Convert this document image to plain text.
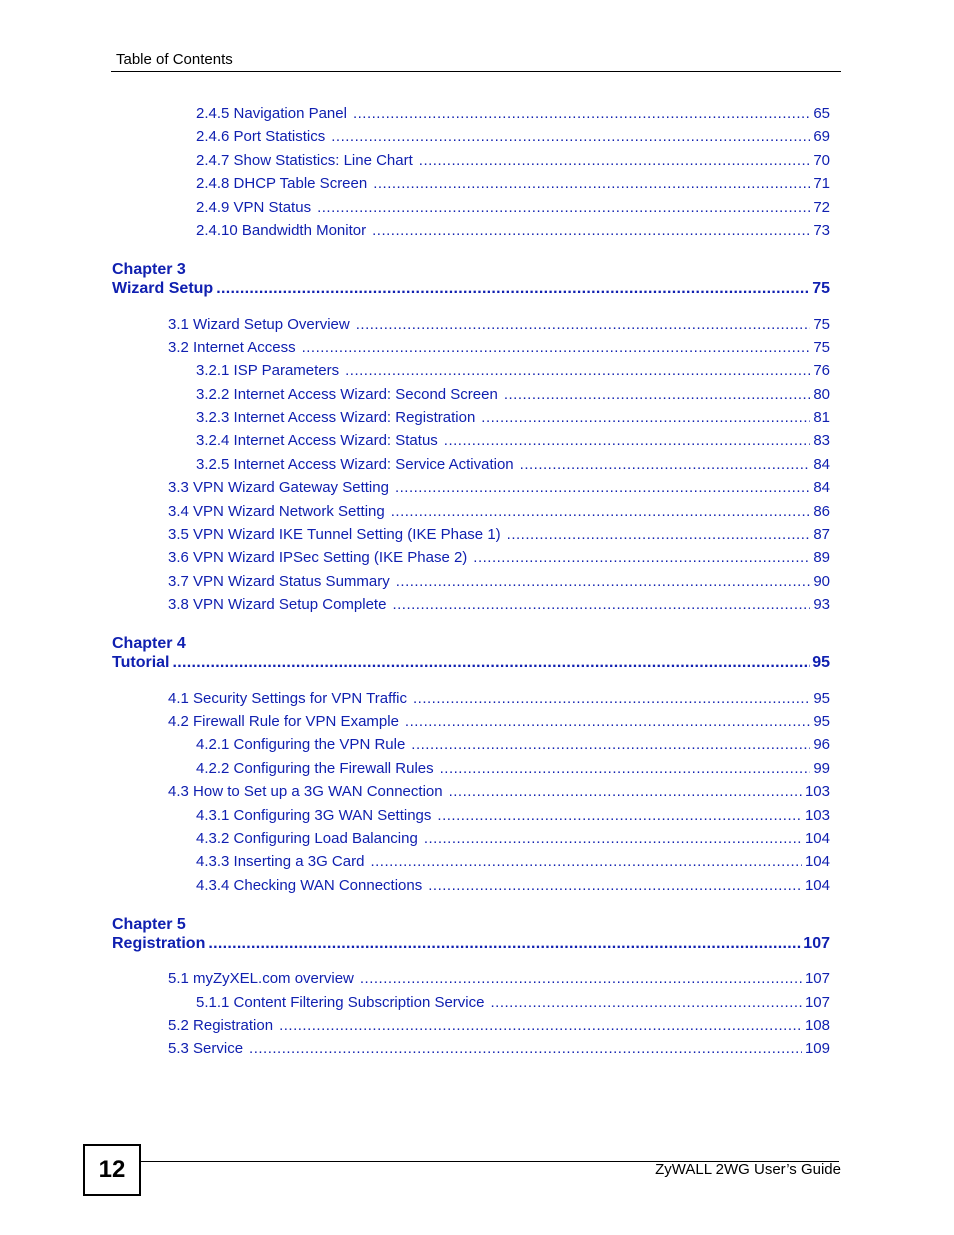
Table of Contents
2.4.5 Navigation Panel .....	65
2.4.6 Port Statistics .....	69
2.4.7 Show Statistics: Line Chart .....	70
2.4.8 DHCP Table Screen .....	71
2.4.9 VPN Status .....	72
2.4.10 Bandwidth Monitor .....	73
Chapter 3
Wizard Setup .....	75
3.1 Wizard Setup Overview .....	75
3.2 Internet Access .....	75
3.2.1 ISP Parameters .....	76
3.2.2 Internet Access Wizard: Second Screen .....	80
3.2.3 Internet Access Wizard: Registration .....	81
3.2.4 Internet Access Wizard: Status .....	83
3.2.5 Internet Access Wizard: Service Activation .....	84
3.3 VPN Wizard Gateway Setting .....	84
3.4 VPN Wizard Network Setting .....	86
3.5 VPN Wizard IKE Tunnel Setting (IKE Phase 1) .....	87
3.6 VPN Wizard IPSec Setting (IKE Phase 2) .....	89
3.7 VPN Wizard Status Summary .....	90
3.8 VPN Wizard Setup Complete .....	93
Chapter 4
Tutorial .....	95
4.1 Security Settings for VPN Traffic .....	95
4.2 Firewall Rule for VPN Example .....	95
4.2.1 Configuring the VPN Rule .....	96
4.2.2 Configuring the Firewall Rules .....	99
4.3 How to Set up a 3G WAN Connection .....	103
4.3.1 Configuring 3G WAN Settings .....	103
4.3.2 Configuring Load Balancing .....	104
4.3.3 Inserting a 3G Card .....	104
4.3.4 Checking WAN Connections .....	104
Chapter 5
Registration .....	107
5.1 myZyXEL.com overview .....	107
5.1.1 Content Filtering Subscription Service .....	107
5.2 Registration .....	108
5.3 Service .....	109
12	ZyWALL 2WG User’s Guide
